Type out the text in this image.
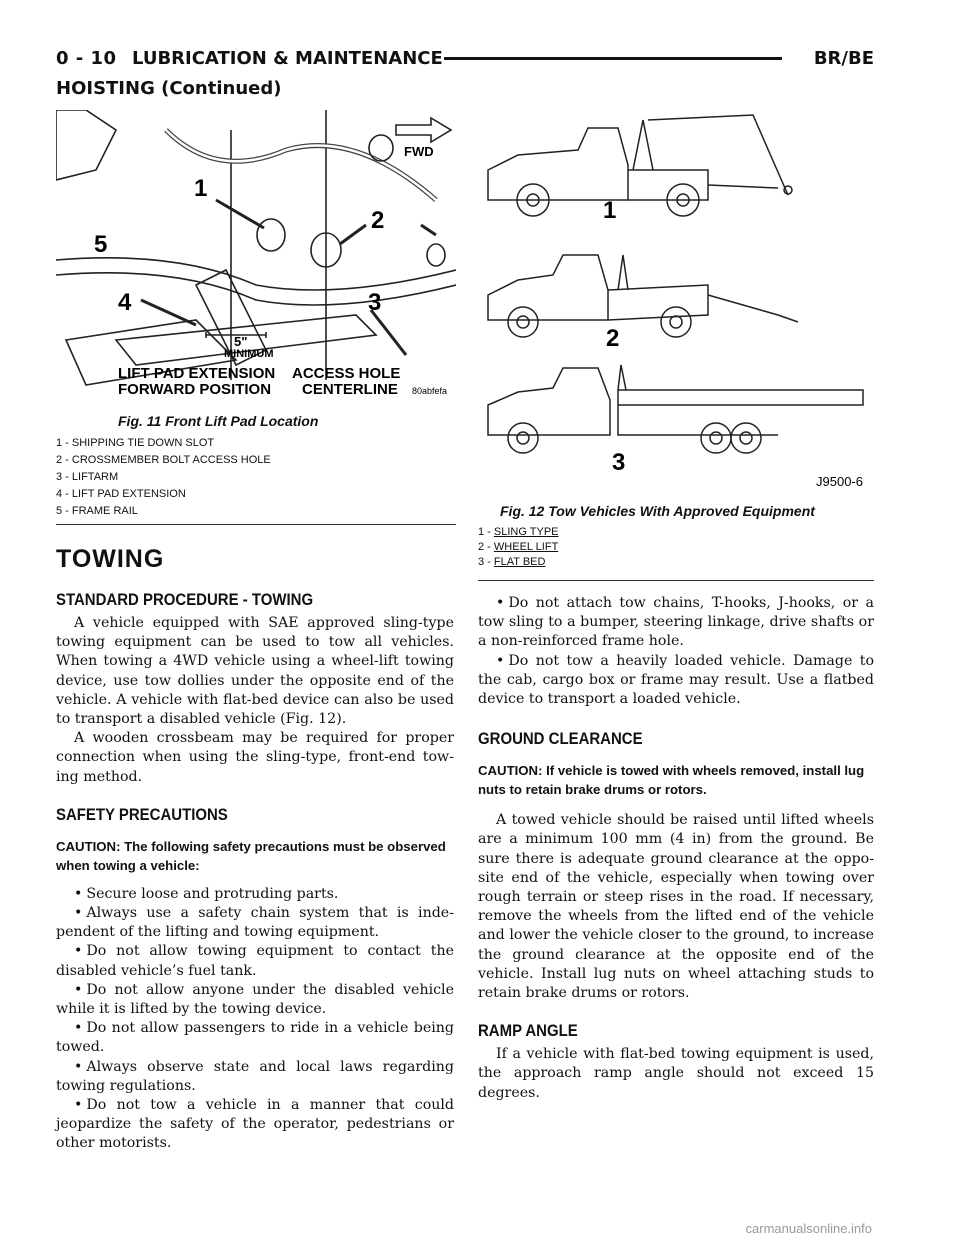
0 - 10 LUBRICATION & MAINTENANCE	BR/BE
HOISTING (Continued)
FWD
1
2
3
4
5
5"
MINIMUM
LIFT PAD EXTENSION
FORWARD POSITION
ACCESS HOLE
CENTERLINE 80abfefa
Fig. 11 Front Lift Pad Location
1 - SHIPPING TIE DOWN SLOT
2 - CROSSMEMBER BOLT ACCESS HOLE
3 - LIFTARM
4 - LIFT PAD EXTENSION
5 - FRAME RAIL
1
2
3
J9500-6
Fig. 12 Tow Vehicles With Approved Equipment
1 - SLING TYPE
2 - WHEEL LIFT
3 - FLAT BED
TOWING
STANDARD PROCEDURE - TOWING

A vehicle equipped with SAE approved sling-type towing equipment can be used to tow all vehicles. When towing a 4WD vehicle using a wheel-lift towing device, use tow dollies under the opposite end of the vehicle. A vehicle with flat-bed device can also be used to transport a disabled vehicle (Fig. 12).

A wooden crossbeam may be required for proper connection when using the sling-type, front-end tow-ing method.

SAFETY PRECAUTIONS
CAUTION: The following safety precautions must be observed when towing a vehicle:

• Secure loose and protruding parts.

• Always use a safety chain system that is inde-pendent of the lifting and towing equipment.

• Do not allow towing equipment to contact the disabled vehicle’s fuel tank.

• Do not allow anyone under the disabled vehicle while it is lifted by the towing device.

• Do not allow passengers to ride in a vehicle being towed.

• Always observe state and local laws regarding towing regulations.

• Do not tow a vehicle in a manner that could jeopardize the safety of the operator, pedestrians or other motorists.

• Do not attach tow chains, T-hooks, J-hooks, or a tow sling to a bumper, steering linkage, drive shafts or a non-reinforced frame hole.

• Do not tow a heavily loaded vehicle. Damage to the cab, cargo box or frame may result. Use a flatbed device to transport a loaded vehicle.

GROUND CLEARANCE
CAUTION: If vehicle is towed with wheels removed, install lug nuts to retain brake drums or rotors.

A towed vehicle should be raised until lifted wheels are a minimum 100 mm (4 in) from the ground. Be sure there is adequate ground clearance at the oppo-site end of the vehicle, especially when towing over rough terrain or steep rises in the road. If necessary, remove the wheels from the lifted end of the vehicle and lower the vehicle closer to the ground, to increase the ground clearance at the opposite end of the vehicle. Install lug nuts on wheel attaching studs to retain brake drums or rotors.

RAMP ANGLE

If a vehicle with flat-bed towing equipment is used, the approach ramp angle should not exceed 15 degrees.

carmanualsonline.info
